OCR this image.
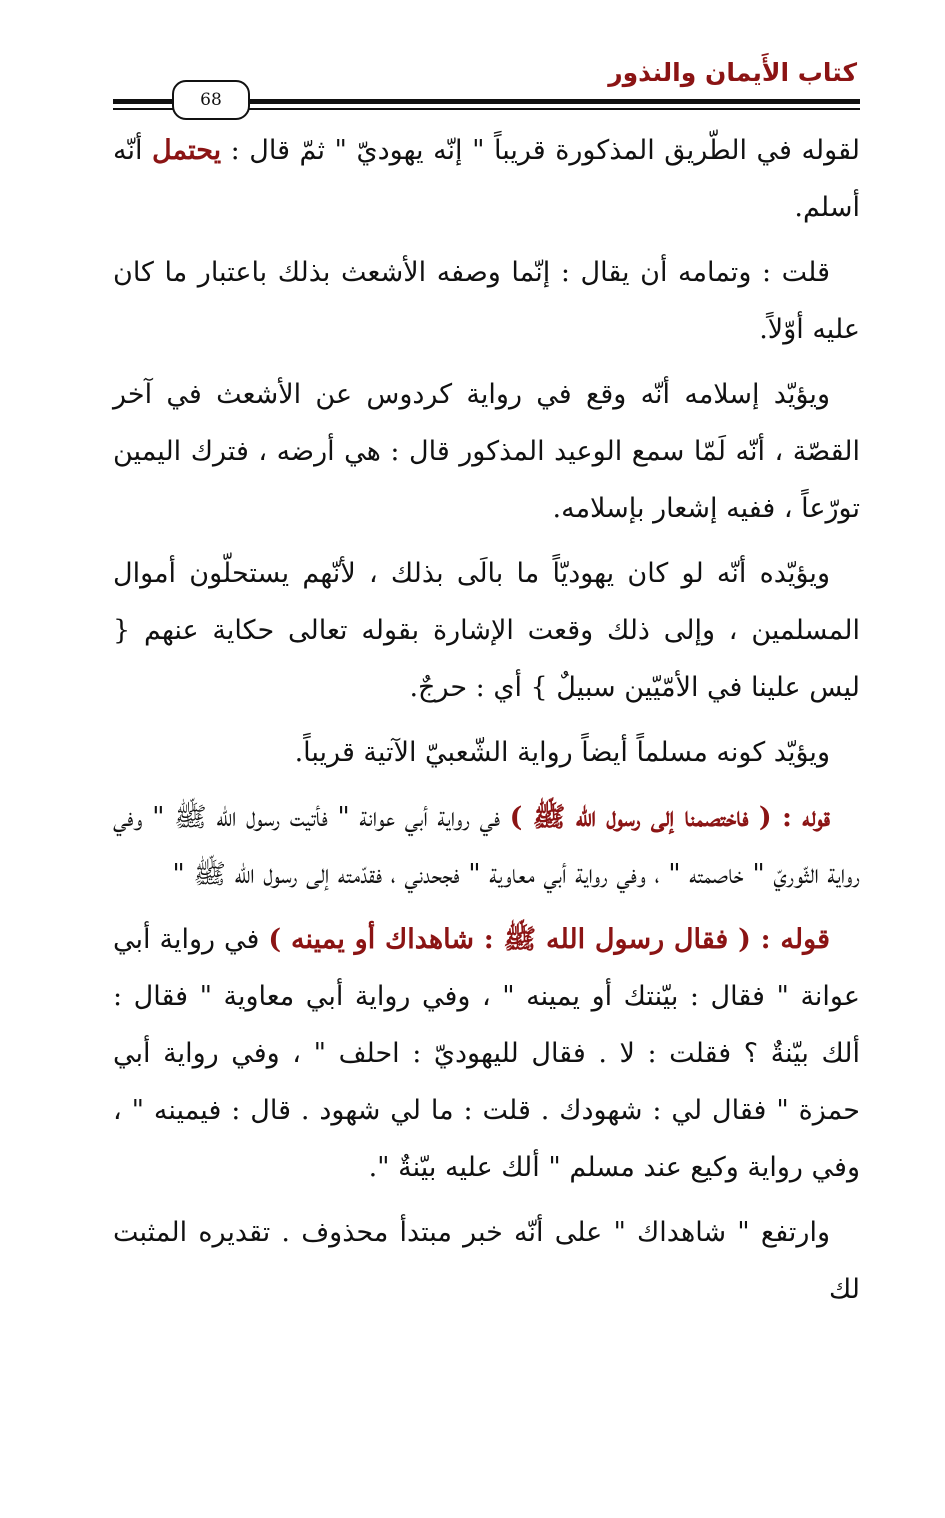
كتاب الأَيمان والنذور
68

لقوله في الطّريق المذكورة قريباً " إنّه يهوديّ " ثمّ قال : يحتمل أنّه أسلم.

قلت : وتمامه أن يقال : إنّما وصفه الأشعث بذلك باعتبار ما كان عليه أوّلاً.

ويؤيّد إسلامه أنّه وقع في رواية كردوس عن الأشعث في آخر القصّة ، أنّه لَمّا سمع الوعيد المذكور قال : هي أرضه ، فترك اليمين تورّعاً ، ففيه إشعار بإسلامه.

ويؤيّده أنّه لو كان يهوديّاً ما بالَى بذلك ، لأنّهم يستحلّون أموال المسلمين ، وإلى ذلك وقعت الإشارة بقوله تعالى حكاية عنهم { ليس علينا في الأمّيّين سبيلٌ } أي : حرجٌ.

ويؤيّد كونه مسلماً أيضاً رواية الشّعبيّ الآتية قريباً.

قوله : ( فاختصمنا إلى رسول الله ﷺ ) في رواية أبي عوانة " فأتيت رسول الله ﷺ " وفي رواية الثّوريّ " خاصمته " ، وفي رواية أبي معاوية " فجحدني ، فقدّمته إلى رسول الله ﷺ "

قوله : ( فقال رسول الله ﷺ : شاهداك أو يمينه ) في رواية أبي عوانة " فقال : بيّنتك أو يمينه " ، وفي رواية أبي معاوية " فقال : ألك بيّنةٌ ؟ فقلت : لا . فقال لليهوديّ : احلف " ، وفي رواية أبي حمزة " فقال لي : شهودك . قلت : ما لي شهود . قال : فيمينه " ، وفي رواية وكيع عند مسلم " ألك عليه بيّنةٌ ".

وارتفع " شاهداك " على أنّه خبر مبتدأ محذوف . تقديره المثبت لك
